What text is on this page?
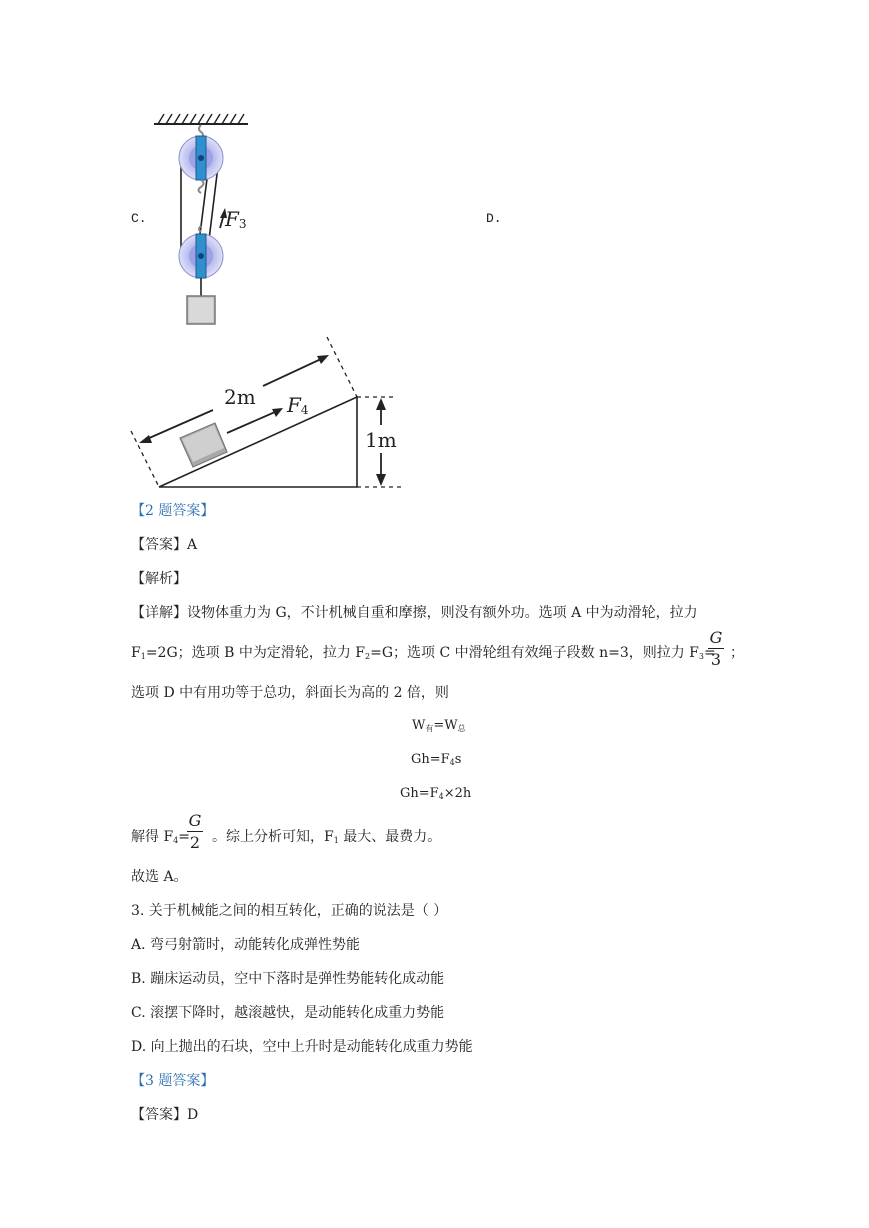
C.	D.
$F_3$
2m $F_4$
1m
【2 题答案】
【答案】A
【解析】
【详解】设物体重力为 G，不计机械自重和摩擦，则没有额外功。选项 A 中为动滑轮，拉力
$F_1=2G$；选项 B 中为定滑轮，拉力 $F_2=G$；选项 C 中滑轮组有效绳子段数 n=3，则拉力 $F_3=$
G
3 ；
选项 D 中有用功等于总功，斜面长为高的 2 倍，则
$W_有=W_总$
$Gh=F_4s$
$Gh=F_4\times 2h$
解得 $F_4=$ 。综上分析可知，$F_1$ 最大、最费力。
G
2
故选 A。
3. 关于机械能之间的相互转化，正确的说法是（ ）
A. 弯弓射箭时，动能转化成弹性势能
B. 蹦床运动员，空中下落时是弹性势能转化成动能
C. 滚摆下降时，越滚越快，是动能转化成重力势能
D. 向上抛出的石块，空中上升时是动能转化成重力势能
【3 题答案】
【答案】D
